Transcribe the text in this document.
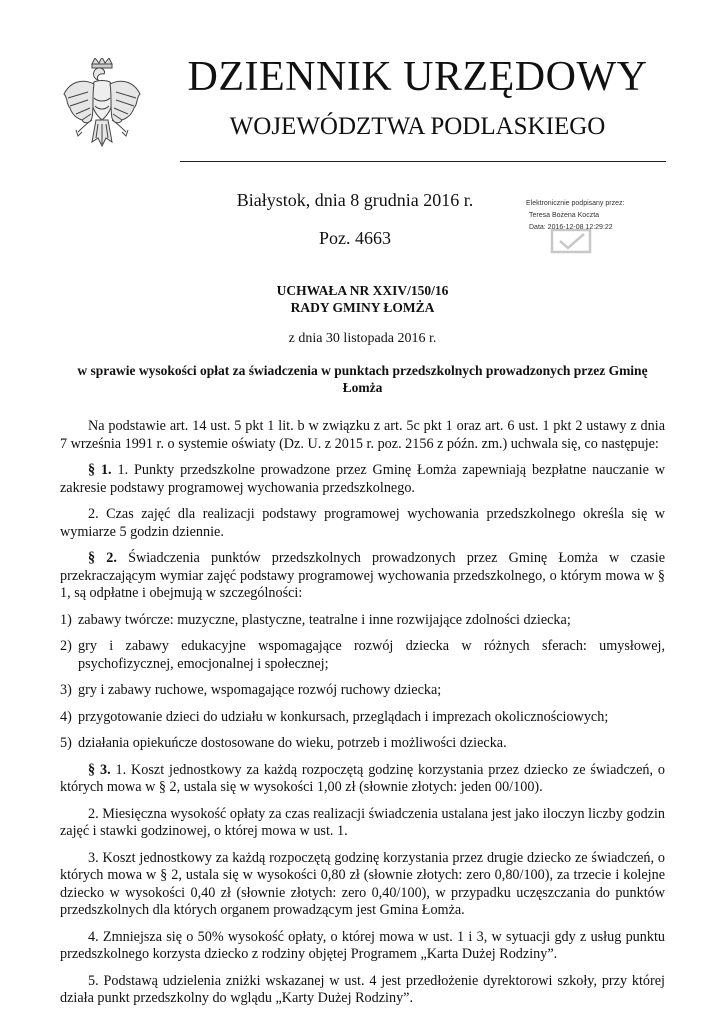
DZIENNIK URZĘDOWY
WOJEWÓDZTWA PODLASKIEGO
Białystok, dnia 8 grudnia 2016 r.
Poz. 4663
Elektronicznie podpisany przez:
Teresa Bożena Koczta
Data: 2016-12-08 12:29:22
UCHWAŁA NR XXIV/150/16
RADY GMINY ŁOMŻA
z dnia 30 listopada 2016 r.
w sprawie wysokości opłat za świadczenia w punktach przedszkolnych prowadzonych przez Gminę Łomża

Na podstawie art. 14 ust. 5 pkt 1 lit. b w związku z art. 5c pkt 1 oraz art. 6 ust. 1 pkt 2 ustawy z dnia 7 września 1991 r. o systemie oświaty (Dz. U. z 2015 r. poz. 2156 z późn. zm.) uchwala się, co następuje:

§ 1. 1. Punkty przedszkolne prowadzone przez Gminę Łomża zapewniają bezpłatne nauczanie w zakresie podstawy programowej wychowania przedszkolnego.

2. Czas zajęć dla realizacji podstawy programowej wychowania przedszkolnego określa się w wymiarze 5 godzin dziennie.

§ 2. Świadczenia punktów przedszkolnych prowadzonych przez Gminę Łomża w czasie przekraczającym wymiar zajęć podstawy programowej wychowania przedszkolnego, o którym mowa w § 1, są odpłatne i obejmują w szczególności:

1) zabawy twórcze: muzyczne, plastyczne, teatralne i inne rozwijające zdolności dziecka;

2) gry i zabawy edukacyjne wspomagające rozwój dziecka w różnych sferach: umysłowej, psychofizycznej, emocjonalnej i społecznej;

3) gry i zabawy ruchowe, wspomagające rozwój ruchowy dziecka;

4) przygotowanie dzieci do udziału w konkursach, przeglądach i imprezach okolicznościowych;

5) działania opiekuńcze dostosowane do wieku, potrzeb i możliwości dziecka.

§ 3. 1. Koszt jednostkowy za każdą rozpoczętą godzinę korzystania przez dziecko ze świadczeń, o których mowa w § 2, ustala się w wysokości 1,00 zł (słownie złotych: jeden 00/100).

2. Miesięczna wysokość opłaty za czas realizacji świadczenia ustalana jest jako iloczyn liczby godzin zajęć i stawki godzinowej, o której mowa w ust. 1.

3. Koszt jednostkowy za każdą rozpoczętą godzinę korzystania przez drugie dziecko ze świadczeń, o których mowa w § 2, ustala się w wysokości 0,80 zł (słownie złotych: zero 0,80/100), za trzecie i kolejne dziecko w wysokości 0,40 zł (słownie złotych: zero 0,40/100), w przypadku uczęszczania do punktów przedszkolnych dla których organem prowadzącym jest Gmina Łomża.

4. Zmniejsza się o 50% wysokość opłaty, o której mowa w ust. 1 i 3, w sytuacji gdy z usług punktu przedszkolnego korzysta dziecko z rodziny objętej Programem „Karta Dużej Rodziny”.

5. Podstawą udzielenia zniżki wskazanej w ust. 4 jest przedłożenie dyrektorowi szkoły, przy której działa punkt przedszkolny do wglądu „Karty Dużej Rodziny”.
